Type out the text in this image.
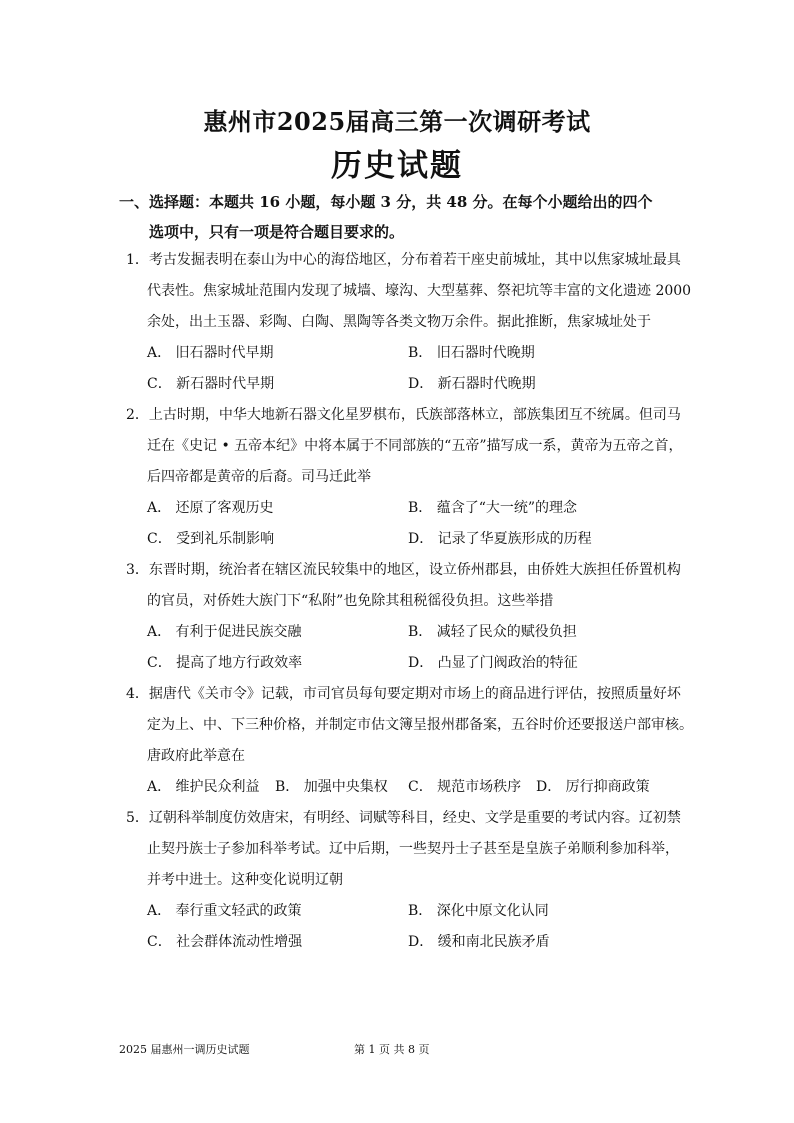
惠州市2025届高三第一次调研考试
历史试题
一、选择题：本题共 16 小题，每小题 3 分，共 48 分。在每个小题给出的四个
选项中，只有一项是符合题目要求的。
1．考古发掘表明在泰山为中心的海岱地区，分布着若干座史前城址，其中以焦家城址最具
代表性。焦家城址范围内发现了城墙、壕沟、大型墓葬、祭祀坑等丰富的文化遗迹 2000
余处，出土玉器、彩陶、白陶、黑陶等各类文物万余件。据此推断，焦家城址处于
A． 旧石器时代早期	B． 旧石器时代晚期
C． 新石器时代早期	D． 新石器时代晚期
2．上古时期，中华大地新石器文化星罗棋布，氏族部落林立，部族集团互不统属。但司马
迁在《史记 • 五帝本纪》中将本属于不同部族的“五帝”描写成一系，黄帝为五帝之首，
后四帝都是黄帝的后裔。司马迁此举
A． 还原了客观历史	B． 蕴含了“大一统”的理念
C． 受到礼乐制影响	D． 记录了华夏族形成的历程
3．东晋时期，统治者在辖区流民较集中的地区，设立侨州郡县，由侨姓大族担任侨置机构
的官员，对侨姓大族门下“私附”也免除其租税徭役负担。这些举措
A． 有利于促进民族交融	B． 减轻了民众的赋役负担
C． 提高了地方行政效率	D． 凸显了门阀政治的特征
4．据唐代《关市令》记载，市司官员每旬要定期对市场上的商品进行评估，按照质量好坏
定为上、中、下三种价格，并制定市估文簿呈报州郡备案，五谷时价还要报送户部审核。
唐政府此举意在
A． 维护民众利益 B． 加强中央集权 C． 规范市场秩序 D． 厉行抑商政策
5．辽朝科举制度仿效唐宋，有明经、词赋等科目，经史、文学是重要的考试内容。辽初禁
止契丹族士子参加科举考试。辽中后期，一些契丹士子甚至是皇族子弟顺利参加科举，
并考中进士。这种变化说明辽朝
A． 奉行重文轻武的政策	B． 深化中原文化认同
C． 社会群体流动性增强	D． 缓和南北民族矛盾
2025 届惠州一调历史试题	第 1 页 共 8 页
